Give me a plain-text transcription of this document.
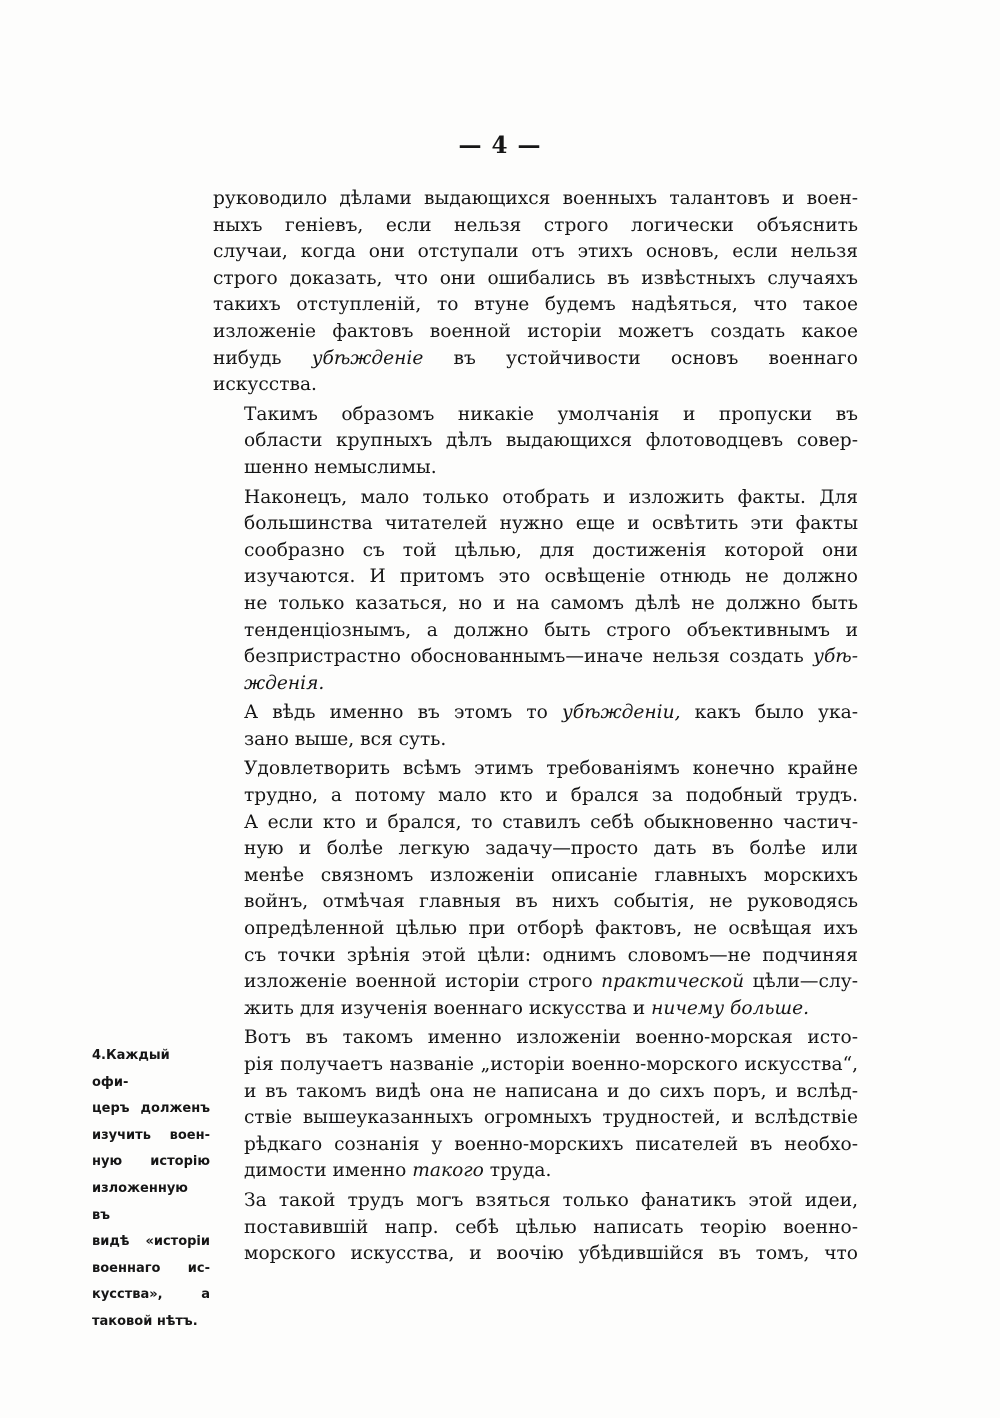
— 4 —

руководило дѣлами выдающихся военныхъ талантовъ и воен-
ныхъ геніевъ, если нельзя строго логически объяснить
случаи, когда они отступали отъ этихъ основъ, если нельзя
строго доказать, что они ошибались въ извѣстныхъ случаяхъ
такихъ отступленій, то втуне будемъ надѣяться, что такое
изложеніе фактовъ военной исторіи можетъ создать какое
нибудь убѣжденіе въ устойчивости основъ военнаго
искусства.

Такимъ образомъ никакіе умолчанія и пропуски въ
области крупныхъ дѣлъ выдающихся флотоводцевъ совер-
шенно немыслимы.

Наконецъ, мало только отобрать и изложить факты. Для
большинства читателей нужно еще и освѣтить эти факты
сообразно съ той цѣлью, для достиженія которой они
изучаются. И притомъ это освѣщеніе отнюдь не должно
не только казаться, но и на самомъ дѣлѣ не должно быть
тенденціознымъ, а должно быть строго объективнымъ и
безпристрастно обоснованнымъ—иначе нельзя создать убѣ-
жденія.

А вѣдь именно въ этомъ то убѣжденіи, какъ было ука-
зано выше, вся суть.

Удовлетворить всѣмъ этимъ требованіямъ конечно крайне
трудно, а потому мало кто и брался за подобный трудъ.
А если кто и брался, то ставилъ себѣ обыкновенно частич-
ную и болѣе легкую задачу—просто дать въ болѣе или
менѣе связномъ изложеніи описаніе главныхъ морскихъ
войнъ, отмѣчая главныя въ нихъ событія, не руководясь
опредѣленной цѣлью при отборѣ фактовъ, не освѣщая ихъ
съ точки зрѣнія этой цѣли: однимъ словомъ—не подчиняя
изложеніе военной исторіи строго практической цѣли—слу-
жить для изученія военнаго искусства и ничему больше.

Вотъ въ такомъ именно изложеніи военно-морская исто-
рія получаетъ названіе „исторіи военно-морского искусства“,
и въ такомъ видѣ она не написана и до сихъ поръ, и вслѣд-
ствіе вышеуказанныхъ огромныхъ трудностей, и вслѣдствіе
рѣдкаго сознанія у военно-морскихъ писателей въ необхо-
димости именно такого труда.

За такой трудъ могъ взяться только фанатикъ этой идеи,
поставившій напр. себѣ цѣлью написать теорію военно-
морского искусства, и воочію убѣдившійся въ томъ, что

4.Каждый офи-
церъ долженъ
изучить воен-
ную исторію
изложенную въ
видѣ «исторіи
военнаго ис-
кусства», а
таковой нѣтъ.
